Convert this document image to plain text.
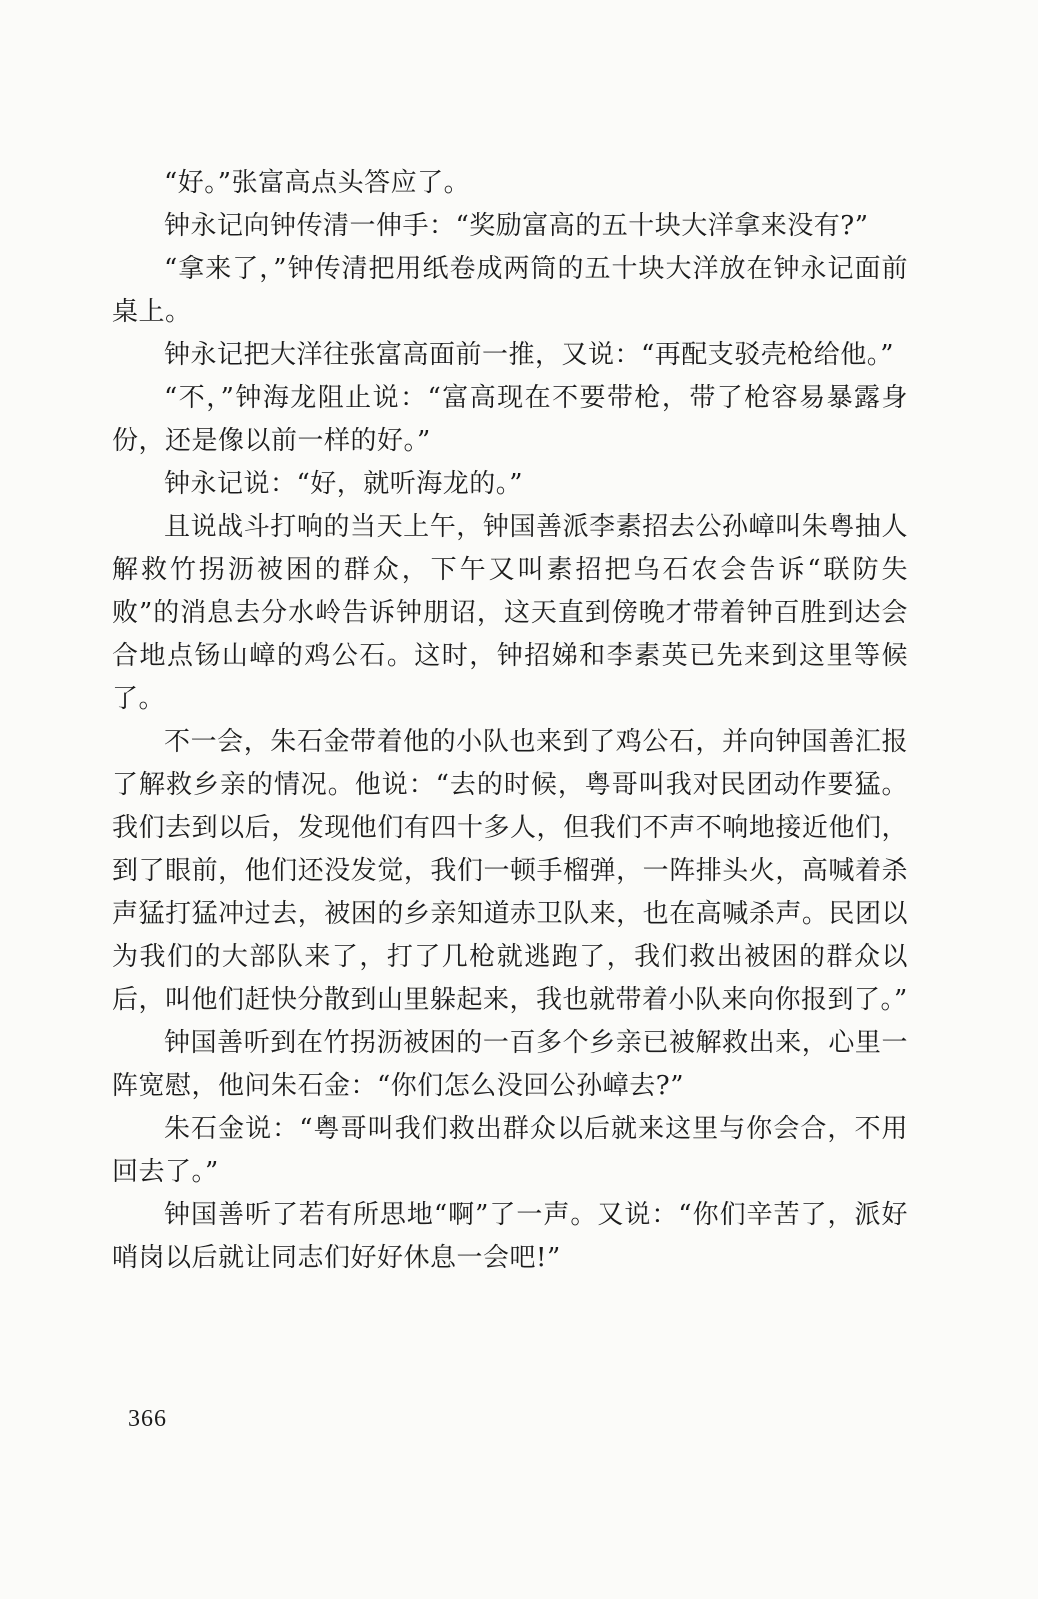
“好。”张富高点头答应了。

钟永记向钟传清一伸手：“奖励富高的五十块大洋拿来没有?”

“拿来了，”钟传清把用纸卷成两筒的五十块大洋放在钟永记面前桌上。

钟永记把大洋往张富高面前一推，又说：“再配支驳壳枪给他。”

“不，”钟海龙阻止说：“富高现在不要带枪，带了枪容易暴露身份，还是像以前一样的好。”

钟永记说：“好，就听海龙的。”

且说战斗打响的当天上午，钟国善派李素招去公孙嶂叫朱粤抽人解救竹拐沥被困的群众，下午又叫素招把乌石农会告诉“联防失败”的消息去分水岭告诉钟朋诏，这天直到傍晚才带着钟百胜到达会合地点钖山嶂的鸡公石。这时，钟招娣和李素英已先来到这里等候了。

不一会，朱石金带着他的小队也来到了鸡公石，并向钟国善汇报了解救乡亲的情况。他说：“去的时候，粤哥叫我对民团动作要猛。我们去到以后，发现他们有四十多人，但我们不声不响地接近他们，到了眼前，他们还没发觉，我们一顿手榴弹，一阵排头火，高喊着杀声猛打猛冲过去，被困的乡亲知道赤卫队来，也在高喊杀声。民团以为我们的大部队来了，打了几枪就逃跑了，我们救出被困的群众以后，叫他们赶快分散到山里躲起来，我也就带着小队来向你报到了。”

钟国善听到在竹拐沥被困的一百多个乡亲已被解救出来，心里一阵宽慰，他问朱石金：“你们怎么没回公孙嶂去?”

朱石金说：“粤哥叫我们救出群众以后就来这里与你会合，不用回去了。”

钟国善听了若有所思地“啊”了一声。又说：“你们辛苦了，派好哨岗以后就让同志们好好休息一会吧!”

366
